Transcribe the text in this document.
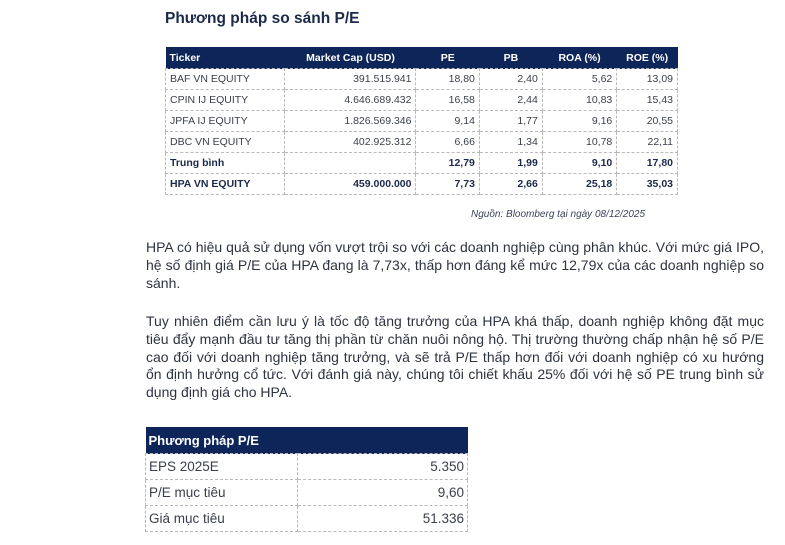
Phương pháp so sánh P/E
Ticker	Market Cap (USD)	PE	PB	ROA (%)	ROE (%)
BAF VN EQUITY	391.515.941	18,80	2,40	5,62	13,09
CPIN IJ EQUITY	4.646.689.432	16,58	2,44	10,83	15,43
JPFA IJ EQUITY	1.826.569.346	9,14	1,77	9,16	20,55
DBC VN EQUITY	402.925.312	6,66	1,34	10,78	22,11
Trung bình		12,79	1,99	9,10	17,80
HPA VN EQUITY	459.000.000	7,73	2,66	25,18	35,03
Nguồn: Bloomberg tại ngày 08/12/2025

HPA có hiệu quả sử dụng vốn vượt trội so với các doanh nghiệp cùng phân khúc. Với mức giá IPO, hệ số định giá P/E của HPA đang là 7,73x, thấp hơn đáng kể mức 12,79x của các doanh nghiệp so sánh.

Tuy nhiên điểm cần lưu ý là tốc độ tăng trưởng của HPA khá thấp, doanh nghiệp không đặt mục tiêu đẩy mạnh đầu tư tăng thị phần từ chăn nuôi nông hộ. Thị trường thường chấp nhận hệ số P/E cao đối với doanh nghiệp tăng trưởng, và sẽ trả P/E thấp hơn đối với doanh nghiệp có xu hướng ổn định hưởng cổ tức. Với đánh giá này, chúng tôi chiết khấu 25% đối với hệ số PE trung bình sử dụng định giá cho HPA.

Phương pháp P/E	
EPS 2025E	5.350
P/E mục tiêu	9,60
Giá mục tiêu	51.336
